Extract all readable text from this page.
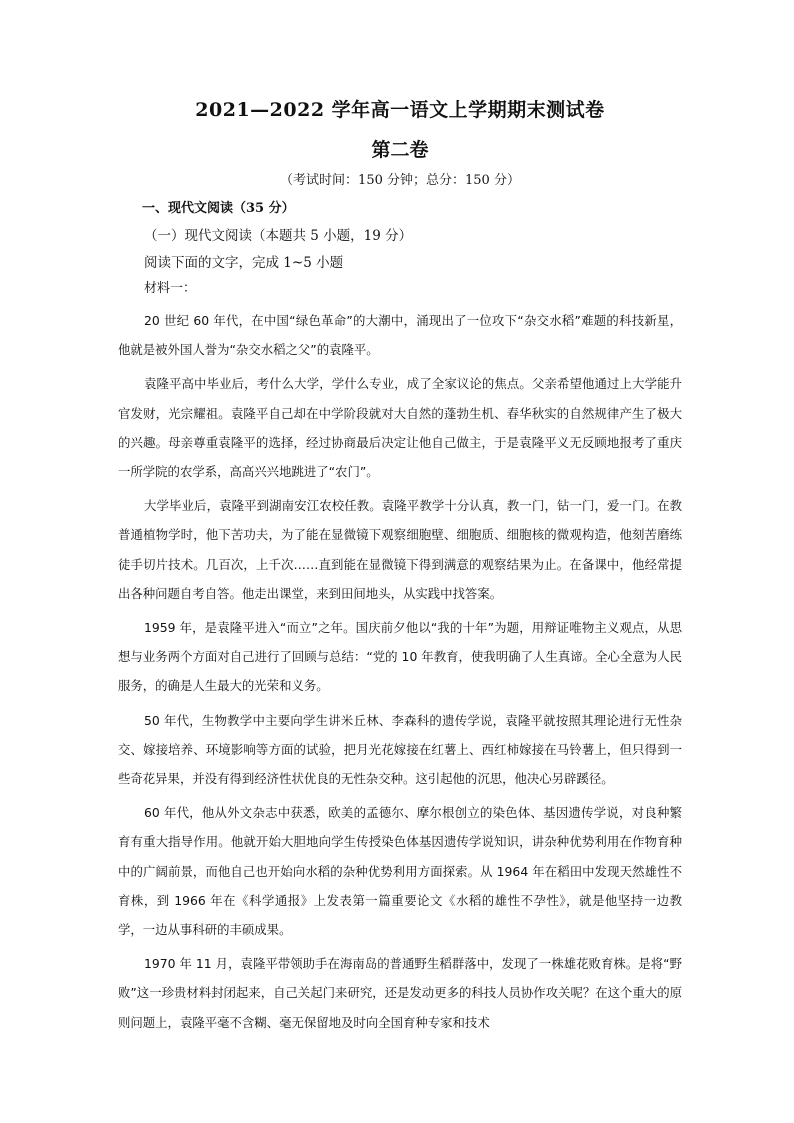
2021—2022 学年高一语文上学期期末测试卷
第二卷
（考试时间：150 分钟；总分：150 分）
一、现代文阅读（35 分）
（一）现代文阅读（本题共 5 小题，19 分）
阅读下面的文字，完成 1~5 小题
材料一：

20 世纪 60 年代，在中国“绿色革命”的大潮中，涌现出了一位攻下“杂交水稻”难题的科技新星，他就是被外国人誉为“杂交水稻之父”的袁隆平。

袁隆平高中毕业后，考什么大学，学什么专业，成了全家议论的焦点。父亲希望他通过上大学能升官发财，光宗耀祖。袁隆平自己却在中学阶段就对大自然的蓬勃生机、春华秋实的自然规律产生了极大的兴趣。母亲尊重袁隆平的选择，经过协商最后决定让他自己做主，于是袁隆平义无反顾地报考了重庆一所学院的农学系，高高兴兴地跳进了“农门”。

大学毕业后，袁隆平到湖南安江农校任教。袁隆平教学十分认真，教一门，钻一门，爱一门。在教普通植物学时，他下苦功夫，为了能在显微镜下观察细胞壁、细胞质、细胞核的微观构造，他刻苦磨练徒手切片技术。几百次，上千次……直到能在显微镜下得到满意的观察结果为止。在备课中，他经常提出各种问题自考自答。他走出课堂，来到田间地头，从实践中找答案。

1959 年，是袁隆平进入“而立”之年。国庆前夕他以“我的十年”为题，用辩证唯物主义观点，从思想与业务两个方面对自己进行了回顾与总结：“党的 10 年教育，使我明确了人生真谛。全心全意为人民服务，的确是人生最大的光荣和义务。

50 年代，生物教学中主要向学生讲米丘林、李森科的遗传学说，袁隆平就按照其理论进行无性杂交、嫁接培养、环境影响等方面的试验，把月光花嫁接在红薯上、西红柿嫁接在马铃薯上，但只得到一些奇花异果，并没有得到经济性状优良的无性杂交种。这引起他的沉思，他决心另辟蹊径。

60 年代，他从外文杂志中获悉，欧美的孟德尔、摩尔根创立的染色体、基因遗传学说，对良种繁育有重大指导作用。他就开始大胆地向学生传授染色体基因遗传学说知识，讲杂种优势利用在作物育种中的广阔前景，而他自己也开始向水稻的杂种优势利用方面探索。从 1964 年在稻田中发现天然雄性不育株，到 1966 年在《科学通报》上发表第一篇重要论文《水稻的雄性不孕性》，就是他坚持一边教学，一边从事科研的丰硕成果。

1970 年 11 月，袁隆平带领助手在海南岛的普通野生稻群落中，发现了一株雄花败育株。是将“野败”这一珍贵材料封闭起来，自己关起门来研究，还是发动更多的科技人员协作攻关呢？在这个重大的原则问题上，袁隆平毫不含糊、毫无保留地及时向全国育种专家和技术
